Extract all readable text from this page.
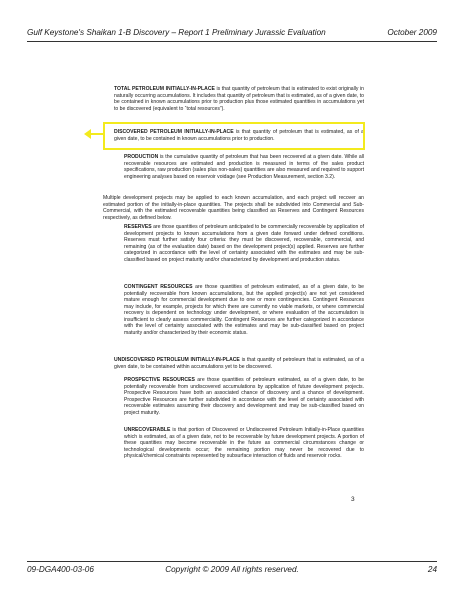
Gulf Keystone's Shaikan 1-B Discovery – Report 1 Preliminary Jurassic Evaluation	October 2009

TOTAL PETROLEUM INITIALLY-IN-PLACE is that quantity of petroleum that is estimated to exist originally in naturally occurring accumulations. It includes that quantity of petroleum that is estimated, as of a given date, to be contained in known accumulations prior to production plus those estimated quantities in accumulations yet to be discovered (equivalent to “total resources”).

DISCOVERED PETROLEUM INITIALLY-IN-PLACE is that quantity of petroleum that is estimated, as of a given date, to be contained in known accumulations prior to production.

PRODUCTION is the cumulative quantity of petroleum that has been recovered at a given date. While all recoverable resources are estimated and production is measured in terms of the sales product specifications, raw production (sales plus non-sales) quantities are also measured and required to support engineering analyses based on reservoir voidage (see Production Measurement, section 3.2).

Multiple development projects may be applied to each known accumulation, and each project will recover an estimated portion of the initially-in-place quantities. The projects shall be subdivided into Commercial and Sub-Commercial, with the estimated recoverable quantities being classified as Reserves and Contingent Resources respectively, as defined below.

RESERVES are those quantities of petroleum anticipated to be commercially recoverable by application of development projects to known accumulations from a given date forward under defined conditions. Reserves must further satisfy four criteria: they must be discovered, recoverable, commercial, and remaining (as of the evaluation date) based on the development project(s) applied. Reserves are further categorized in accordance with the level of certainty associated with the estimates and may be sub-classified based on project maturity and/or characterized by development and production status.

CONTINGENT RESOURCES are those quantities of petroleum estimated, as of a given date, to be potentially recoverable from known accumulations, but the applied project(s) are not yet considered mature enough for commercial development due to one or more contingencies. Contingent Resources may include, for example, projects for which there are currently no viable markets, or where commercial recovery is dependent on technology under development, or where evaluation of the accumulation is insufficient to clearly assess commerciality. Contingent Resources are further categorized in accordance with the level of certainty associated with the estimates and may be sub-classified based on project maturity and/or characterized by their economic status.

UNDISCOVERED PETROLEUM INITIALLY-IN-PLACE is that quantity of petroleum that is estimated, as of a given date, to be contained within accumulations yet to be discovered.

PROSPECTIVE RESOURCES are those quantities of petroleum estimated, as of a given date, to be potentially recoverable from undiscovered accumulations by application of future development projects. Prospective Resources have both an associated chance of discovery and a chance of development. Prospective Resources are further subdivided in accordance with the level of certainty associated with recoverable estimates assuming their discovery and development and may be sub-classified based on project maturity.

UNRECOVERABLE is that portion of Discovered or Undiscovered Petroleum Initially-in-Place quantities which is estimated, as of a given date, not to be recoverable by future development projects. A portion of these quantities may become recoverable in the future as commercial circumstances change or technological developments occur; the remaining portion may never be recovered due to physical/chemical constraints represented by subsurface interaction of fluids and reservoir rocks.

3
09-DGA400-03-06	Copyright © 2009 All rights reserved.	24
